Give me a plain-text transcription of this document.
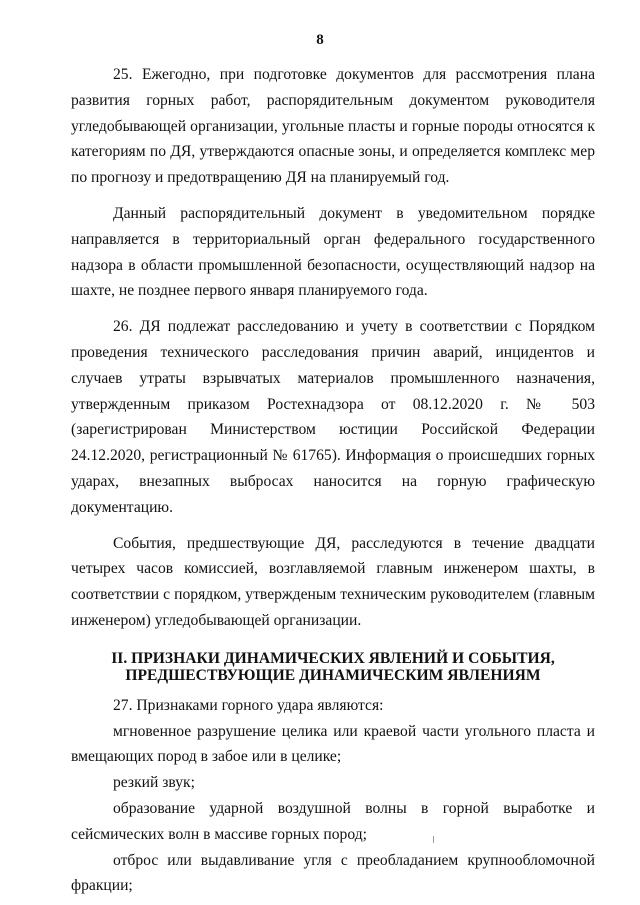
8

25. Ежегодно, при подготовке документов для рассмотрения плана развития горных работ, распорядительным документом руководителя угледобывающей организации, угольные пласты и горные породы относятся к категориям по ДЯ, утверждаются опасные зоны, и определяется комплекс мер по прогнозу и предотвращению ДЯ на планируемый год.

Данный распорядительный документ в уведомительном порядке направляется в территориальный орган федерального государственного надзора в области промышленной безопасности, осуществляющий надзор на шахте, не позднее первого января планируемого года.

26. ДЯ подлежат расследованию и учету в соответствии с Порядком проведения технического расследования причин аварий, инцидентов и случаев утраты взрывчатых материалов промышленного назначения, утвержденным приказом Ростехнадзора от 08.12.2020 г. № 503 (зарегистрирован Министерством юстиции Российской Федерации 24.12.2020, регистрационный № 61765). Информация о происшедших горных ударах, внезапных выбросах наносится на горную графическую документацию.

События, предшествующие ДЯ, расследуются в течение двадцати четырех часов комиссией, возглавляемой главным инженером шахты, в соответствии с порядком, утвержденым техническим руководителем (главным инженером) угледобывающей организации.

II. ПРИЗНАКИ ДИНАМИЧЕСКИХ ЯВЛЕНИЙ И СОБЫТИЯ,
ПРЕДШЕСТВУЮЩИЕ ДИНАМИЧЕСКИМ ЯВЛЕНИЯМ

27. Признаками горного удара являются:

мгновенное разрушение целика или краевой части угольного пласта и вмещающих пород в забое или в целике;

резкий звук;

образование ударной воздушной волны в горной выработке и сейсмических волн в массиве горных пород;

отброс или выдавливание угля с преобладанием крупнообломочной фракции;
